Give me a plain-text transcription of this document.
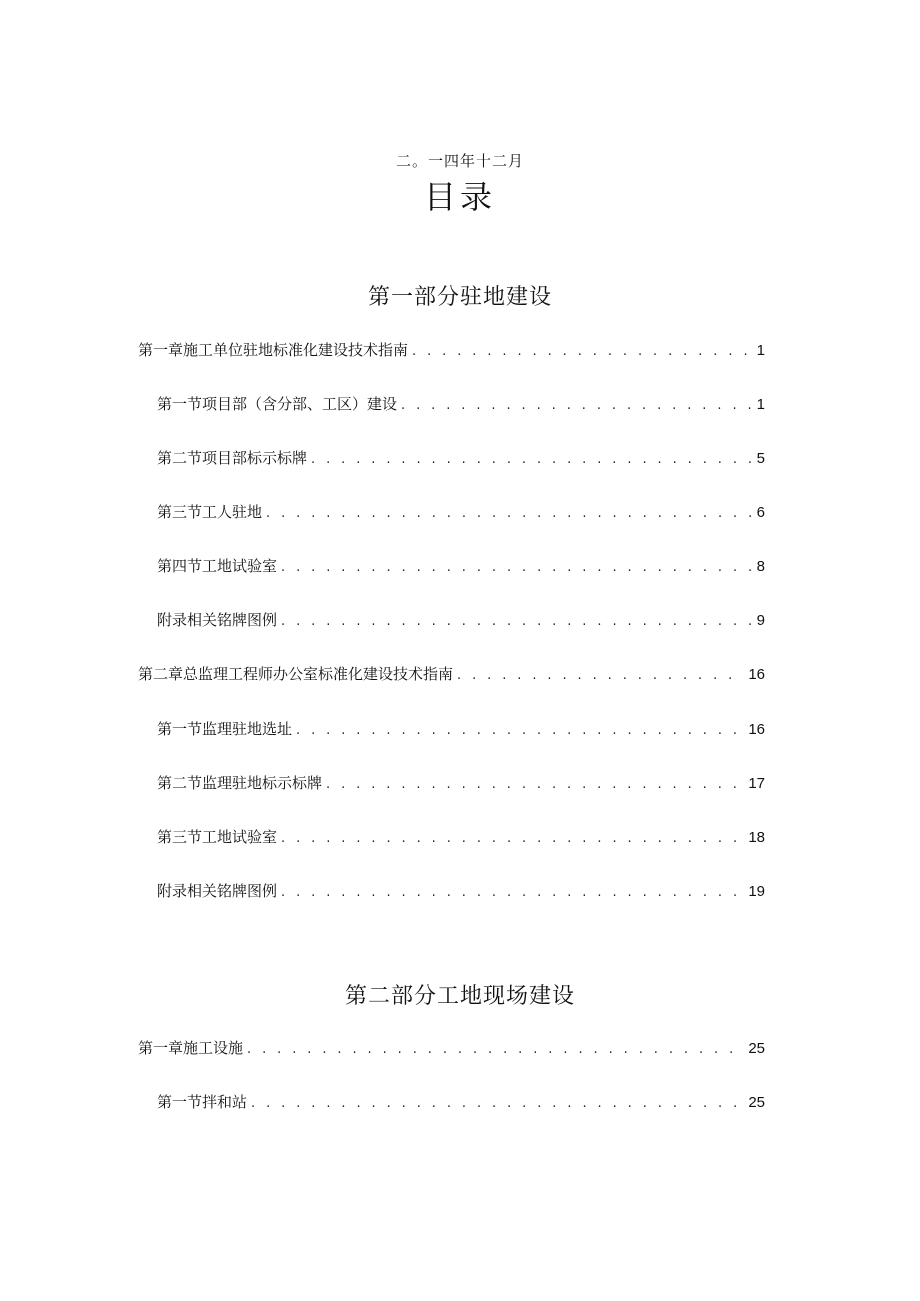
二。一四年十二月
目录
第一部分驻地建设
第一章施工单位驻地标准化建设技术指南 . . .	1
第一节项目部（含分部、工区）建设 . . .	1
第二节项目部标示标牌 . . .	5
第三节工人驻地 . . .	6
第四节工地试验室 . . .	8
附录相关铭牌图例 . . .	9
第二章总监理工程师办公室标准化建设技术指南 . . .	16
第一节监理驻地选址 . . .	16
第二节监理驻地标示标牌 . . .	17
第三节工地试验室 . . .	18
附录相关铭牌图例 . . .	19
第二部分工地现场建设
第一章施工设施 . . .	25
第一节拌和站 . . .	25
